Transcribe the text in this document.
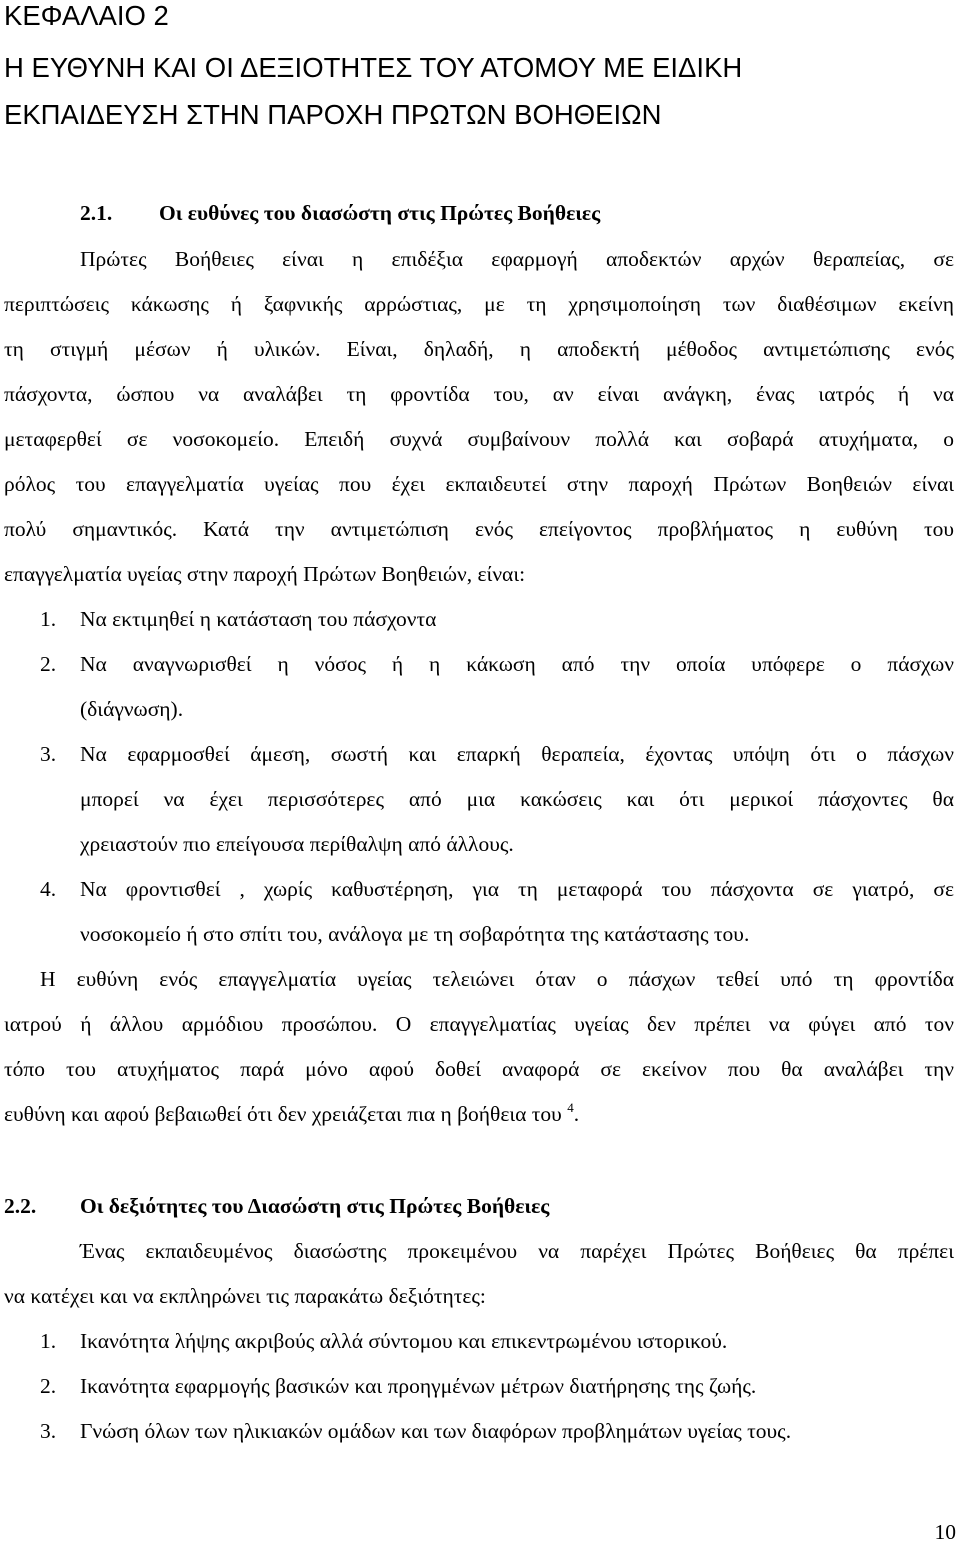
ΚΕΦΑΛΑΙΟ 2
Η ΕΥΘΥΝΗ ΚΑΙ ΟΙ ΔΕΞΙΟΤΗΤΕΣ ΤΟΥ ΑΤΟΜΟΥ ΜΕ ΕΙΔΙΚΗ
ΕΚΠΑΙΔΕΥΣΗ ΣΤΗΝ ΠΑΡΟΧΗ ΠΡΩΤΩΝ ΒΟΗΘΕΙΩΝ
2.1. Οι ευθύνες του διασώστη στις Πρώτες Βοήθειες
Πρώτες Βοήθειες είναι η επιδέξια εφαρμογή αποδεκτών αρχών θεραπείας, σε
περιπτώσεις κάκωσης ή ξαφνικής αρρώστιας, με τη χρησιμοποίηση των διαθέσιμων εκείνη
τη στιγμή μέσων ή υλικών. Είναι, δηλαδή, η αποδεκτή μέθοδος αντιμετώπισης ενός
πάσχοντα, ώσπου να αναλάβει τη φροντίδα του, αν είναι ανάγκη, ένας ιατρός ή να
μεταφερθεί σε νοσοκομείο. Επειδή συχνά συμβαίνουν πολλά και σοβαρά ατυχήματα, ο
ρόλος του επαγγελματία υγείας που έχει εκπαιδευτεί στην παροχή Πρώτων Βοηθειών είναι
πολύ σημαντικός. Κατά την αντιμετώπιση ενός επείγοντος προβλήματος η ευθύνη του
επαγγελματία υγείας στην παροχή Πρώτων Βοηθειών, είναι:
1. Να εκτιμηθεί η κατάσταση του πάσχοντα
2. Να αναγνωρισθεί η νόσος ή η κάκωση από την οποία υπόφερε ο πάσχων
(διάγνωση).
3. Να εφαρμοσθεί άμεση, σωστή και επαρκή θεραπεία, έχοντας υπόψη ότι ο πάσχων
μπορεί να έχει περισσότερες από μια κακώσεις και ότι μερικοί πάσχοντες θα
χρειαστούν πιο επείγουσα περίθαλψη από άλλους.
4. Να φροντισθεί , χωρίς καθυστέρηση, για τη μεταφορά του πάσχοντα σε γιατρό, σε
νοσοκομείο ή στο σπίτι του, ανάλογα με τη σοβαρότητα της κατάστασης του.
Η ευθύνη ενός επαγγελματία υγείας τελειώνει όταν ο πάσχων τεθεί υπό τη φροντίδα
ιατρού ή άλλου αρμόδιου προσώπου. Ο επαγγελματίας υγείας δεν πρέπει να φύγει από τον
τόπο του ατυχήματος παρά μόνο αφού δοθεί αναφορά σε εκείνον που θα αναλάβει την
ευθύνη και αφού βεβαιωθεί ότι δεν χρειάζεται πια η βοήθεια του $^4$.
2.2. Οι δεξιότητες του Διασώστη στις Πρώτες Βοήθειες
Ένας εκπαιδευμένος διασώστης προκειμένου να παρέχει Πρώτες Βοήθειες θα πρέπει
να κατέχει και να εκπληρώνει τις παρακάτω δεξιότητες:
1. Ικανότητα λήψης ακριβούς αλλά σύντομου και επικεντρωμένου ιστορικού.
2. Ικανότητα εφαρμογής βασικών και προηγμένων μέτρων διατήρησης της ζωής.
3. Γνώση όλων των ηλικιακών ομάδων και των διαφόρων προβλημάτων υγείας τους.
10
